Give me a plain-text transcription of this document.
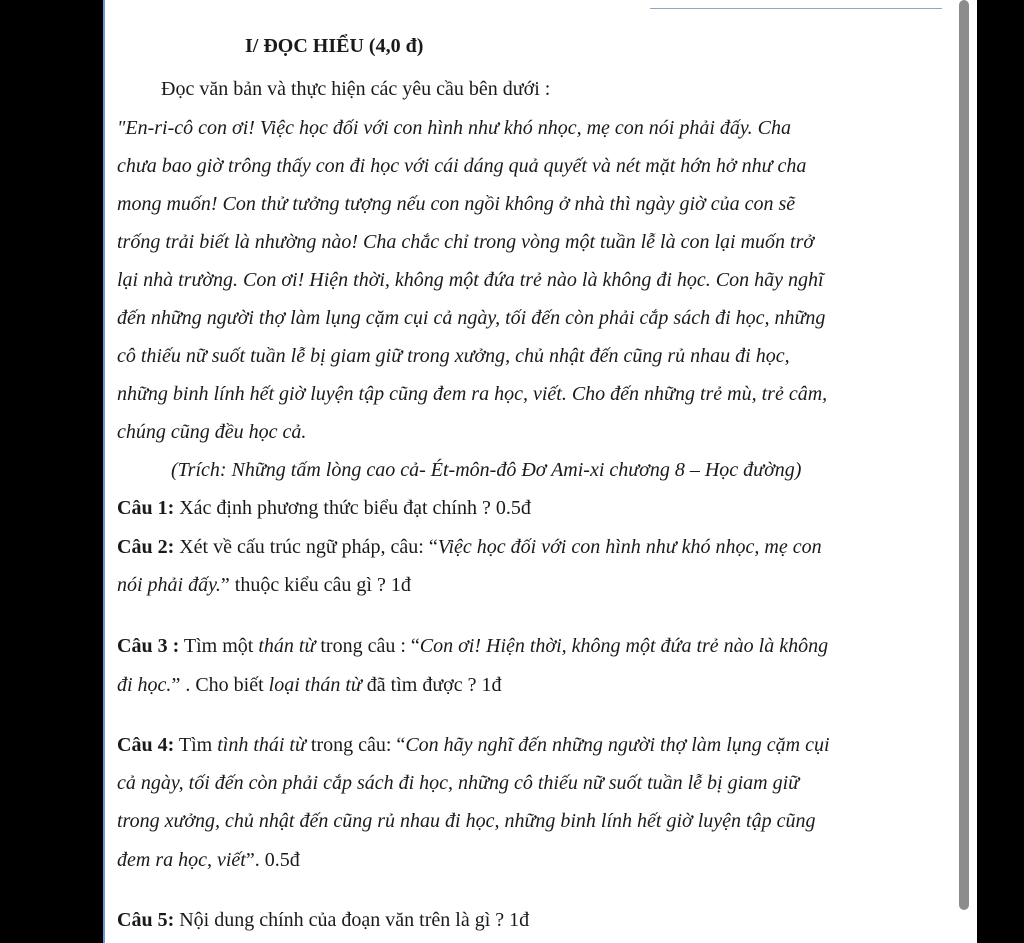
I/ ĐỌC HIỂU (4,0 đ)
Đọc văn bản và thực hiện các yêu cầu bên dưới :
"En-ri-cô con ơi! Việc học đối với con hình như khó nhọc, mẹ con nói phải đấy. Cha
chưa bao giờ trông thấy con đi học với cái dáng quả quyết và nét mặt hớn hở như cha
mong muốn! Con thử tưởng tượng nếu con ngồi không ở nhà thì ngày giờ của con sẽ
trống trải biết là nhường nào! Cha chắc chỉ trong vòng một tuần lễ là con lại muốn trở
lại nhà trường. Con ơi! Hiện thời, không một đứa trẻ nào là không đi học. Con hãy nghĩ
đến những người thợ làm lụng cặm cụi cả ngày, tối đến còn phải cắp sách đi học, những
cô thiếu nữ suốt tuần lễ bị giam giữ trong xưởng, chủ nhật đến cũng rủ nhau đi học,
những binh lính hết giờ luyện tập cũng đem ra học, viết. Cho đến những trẻ mù, trẻ câm,
chúng cũng đều học cả.
(Trích: Những tấm lòng cao cả- Ét-môn-đô Đơ Ami-xi chương 8 – Học đường)
Câu 1: Xác định phương thức biểu đạt chính ? 0.5đ
Câu 2: Xét về cấu trúc ngữ pháp, câu: “Việc học đối với con hình như khó nhọc, mẹ con
nói phải đấy.” thuộc kiểu câu gì ? 1đ
Câu 3 : Tìm một thán từ trong câu : “Con ơi! Hiện thời, không một đứa trẻ nào là không
đi học.” . Cho biết loại thán từ đã tìm được ? 1đ
Câu 4: Tìm tình thái từ trong câu: “Con hãy nghĩ đến những người thợ làm lụng cặm cụi
cả ngày, tối đến còn phải cắp sách đi học, những cô thiếu nữ suốt tuần lễ bị giam giữ
trong xưởng, chủ nhật đến cũng rủ nhau đi học, những binh lính hết giờ luyện tập cũng
đem ra học, viết”. 0.5đ
Câu 5: Nội dung chính của đoạn văn trên là gì ? 1đ
